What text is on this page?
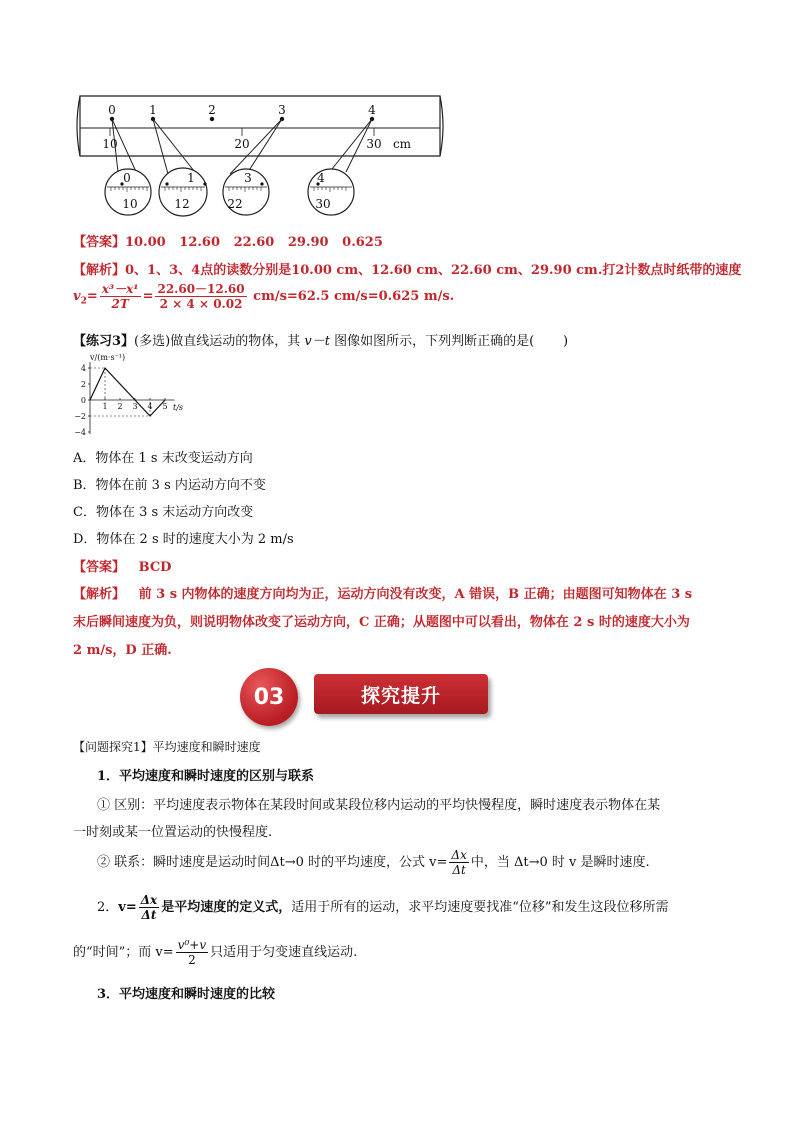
0	1	2	3	4
10	20	30 cm
0
10
1
12
3
22
4
30
【答案】10.00   12.60   22.60   29.90   0.625
【解析】0、1、3、4点的读数分别是10.00 cm、12.60 cm、22.60 cm、29.90 cm.打2计数点时纸带的速度
$v_2= \frac{\text{x³－x¹}}{2T} = \frac{22.60-12.60}{2 \times 4 \times 0.02} cm/s=62.5$ cm/s=0.625 m/s.
【练习3】(多选)做直线运动的物体，其 v－t 图像如图所示，下列判断正确的是(       )
4
2
0
−2
−4
1 2 3 4 5
v/(m·s⁻¹)
t/s
A．物体在 1 s 末改变运动方向
B．物体在前 3 s 内运动方向不变
C．物体在 3 s 末运动方向改变
D．物体在 2 s 时的速度大小为 2 m/s
【答案】 BCD
【解析】 前 3 s 内物体的速度方向均为正，运动方向没有改变，A 错误，B 正确；由题图可知物体在 3 s
末后瞬间速度为负，则说明物体改变了运动方向，C 正确；从题图中可以看出，物体在 2 s 时的速度大小为
2 m/s，D 正确.
03	探究提升
【问题探究1】平均速度和瞬时速度
1．平均速度和瞬时速度的区别与联系
① 区别：平均速度表示物体在某段时间或某段位移内运动的平均快慢程度，瞬时速度表示物体在某
一时刻或某一位置运动的快慢程度.
② 联系：瞬时速度是运动时间Δt→0 时的平均速度，公式 $v= \frac{\Delta x}{\Delta t}$ 中，当 Δt→0 时 v 是瞬时速度.
2．$v= \frac{\Delta x}{\Delta t}$ 是平均速度的定义式，适用于所有的运动，求平均速度要找准“位移”和发生这段位移所需
的“时间”；而 $v= \frac{\text{v⁰+v}}{2}$ 只适用于匀变速直线运动.
3．平均速度和瞬时速度的比较
